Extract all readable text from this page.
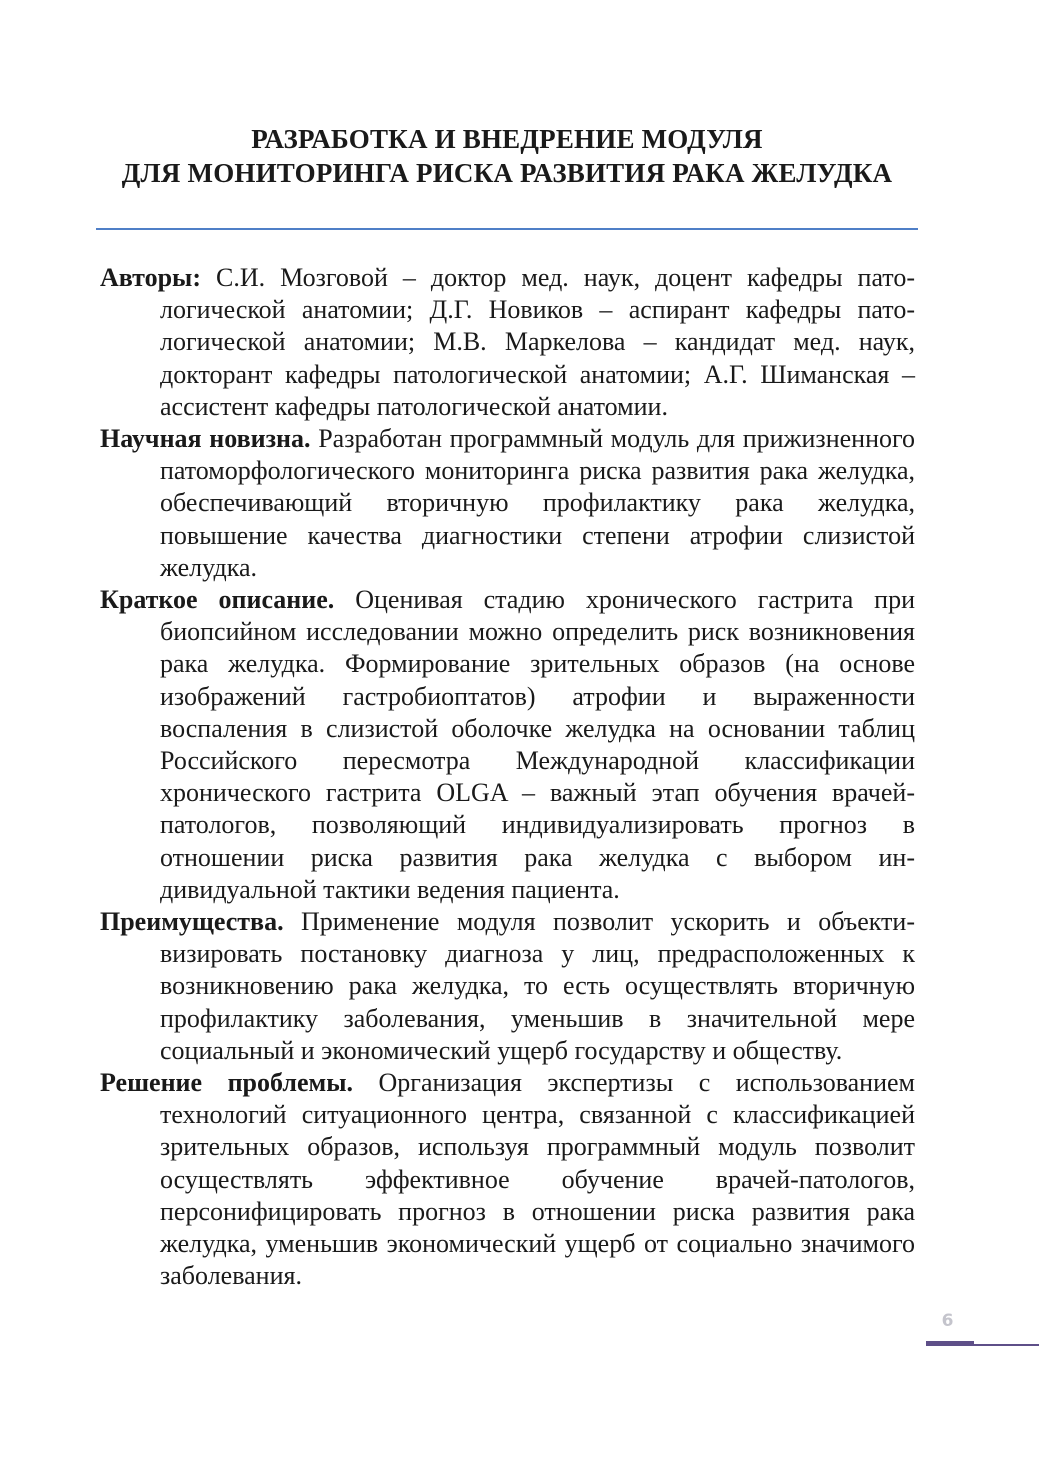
РАЗРАБОТКА И ВНЕДРЕНИЕ МОДУЛЯ
ДЛЯ МОНИТОРИНГА РИСКА РАЗВИТИЯ РАКА ЖЕЛУДКА

Авторы: С.И. Мозговой – доктор мед. наук, доцент кафедры патологической анатомии; Д.Г. Новиков – аспирант кафедры патологической анатомии; М.В. Маркелова – кандидат мед. наук, докторант кафедры патологической анатомии; А.Г. Шиманская – ассистент кафедры патологической анатомии.

Научная новизна. Разработан программный модуль для прижизненного патоморфологического мониторинга риска развития рака желудка, обеспечивающий вторичную профилактику рака желудка, повышение качества диагностики степени атрофии слизистой желудка.

Краткое описание. Оценивая стадию хронического гастрита при биопсийном исследовании можно определить риск возникновения рака желудка. Формирование зрительных образов (на основе изображений гастробиоптатов) атрофии и выраженности воспаления в слизистой оболочке желудка на основании таблиц Российского пересмотра Международной классификации хронического гастрита OLGA – важный этап обучения врачей-патологов, позволяющий индивидуализировать прогноз в отношении риска развития рака желудка с выбором индивидуальной тактики ведения пациента.

Преимущества. Применение модуля позволит ускорить и объективизировать постановку диагноза у лиц, предрасположенных к возникновению рака желудка, то есть осуществлять вторичную профилактику заболевания, уменьшив в значительной мере социальный и экономический ущерб государству и обществу.

Решение проблемы. Организация экспертизы с использованием технологий ситуационного центра, связанной с классификацией зрительных образов, используя программный модуль позволит осуществлять эффективное обучение врачей-патологов, персонифицировать прогноз в отношении риска развития рака желудка, уменьшив экономический ущерб от социально значимого заболевания.

6
